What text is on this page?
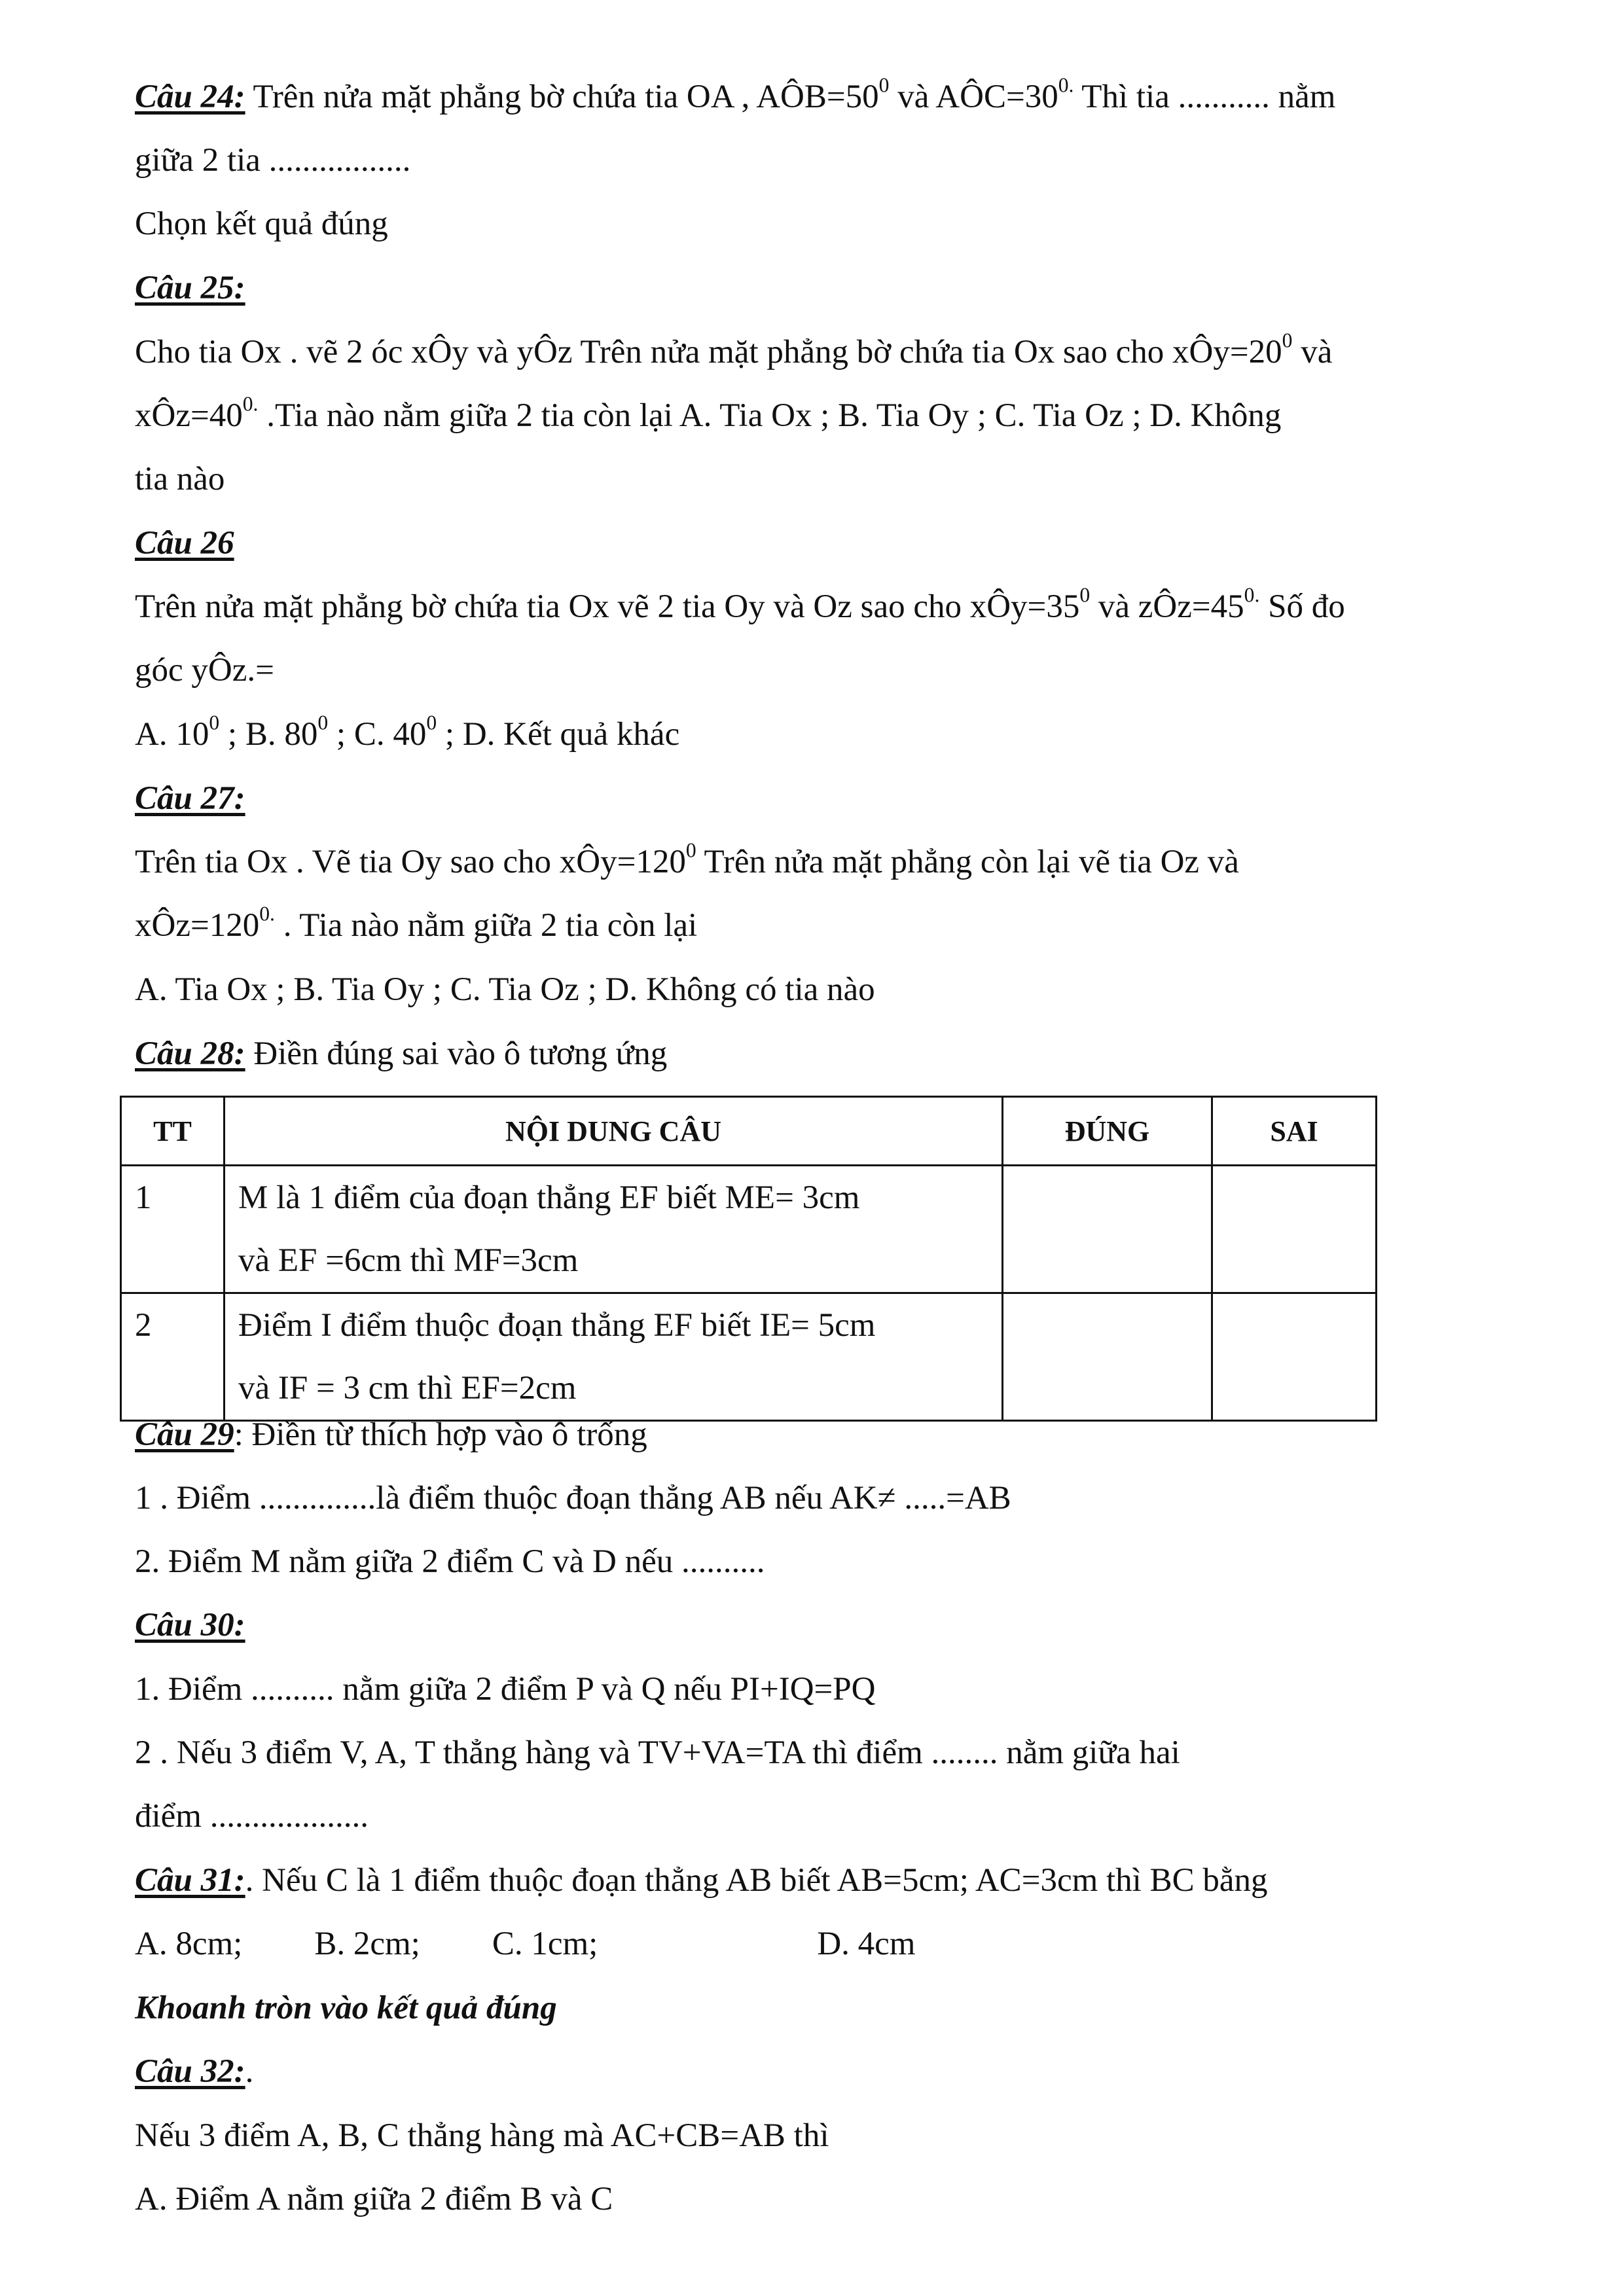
Câu 24: Trên nửa mặt phẳng bờ chứa tia OA , $AÔB=50^0$ và $AÔC=30^{0.}$ Thì tia ........... nằm
giữa 2 tia .................
Chọn kết quả đúng
Câu 25:
Cho tia Ox . vẽ 2 óc xÔy và yÔz Trên nửa mặt phẳng bờ chứa tia Ox sao cho $xÔy=20^0$ và
$xÔz=40^{0.}$ .Tia nào nằm giữa 2 tia còn lại A. Tia Ox ; B. Tia Oy ; C. Tia Oz ; D. Không
tia nào
Câu 26
Trên nửa mặt phẳng bờ chứa tia Ox vẽ 2 tia Oy và Oz sao cho $xÔy=35^0$ và $zÔz=45^{0.}$ Số đo
góc yÔz.=
A. $10^0$ ; B. $80^0$ ; C. $40^0$ ; D. Kết quả khác
Câu 27:
Trên tia Ox . Vẽ tia Oy sao cho $xÔy=120^0$ Trên nửa mặt phẳng còn lại vẽ tia Oz và
$xÔz=120^{0.}$ . Tia nào nằm giữa 2 tia còn lại
A. Tia Ox ; B. Tia Oy ; C. Tia Oz ; D. Không có tia nào
Câu 28: Điền đúng sai vào ô tương ứng
TT	NỘI DUNG CÂU	ĐÚNG	SAI
1	M là 1 điểm của đoạn thẳng EF biết ME= 3cm
và EF =6cm thì MF=3cm		

2	Điểm I điểm thuộc đoạn thẳng EF biết IE= 5cm
và IF = 3 cm thì EF=2cm		

Câu 29: Điền từ thích hợp vào ô trống
1 . Điểm ..............là điểm thuộc đoạn thẳng AB nếu AK≠ .....=AB
2. Điểm M nằm giữa 2 điểm C và D nếu ..........
Câu 30:
1. Điểm .......... nằm giữa 2 điểm P và Q nếu PI+IQ=PQ
2 . Nếu 3 điểm V, A, T thẳng hàng và TV+VA=TA thì điểm ........ nằm giữa hai
điểm ...................
Câu 31:. Nếu C là 1 điểm thuộc đoạn thẳng AB biết AB=5cm; AC=3cm thì BC bằng
A. 8cm; B. 2cm; C. 1cm;	D. 4cm
Khoanh tròn vào kết quả đúng
Câu 32:.
Nếu 3 điểm A, B, C thẳng hàng mà AC+CB=AB thì
A. Điểm A nằm giữa 2 điểm B và C
